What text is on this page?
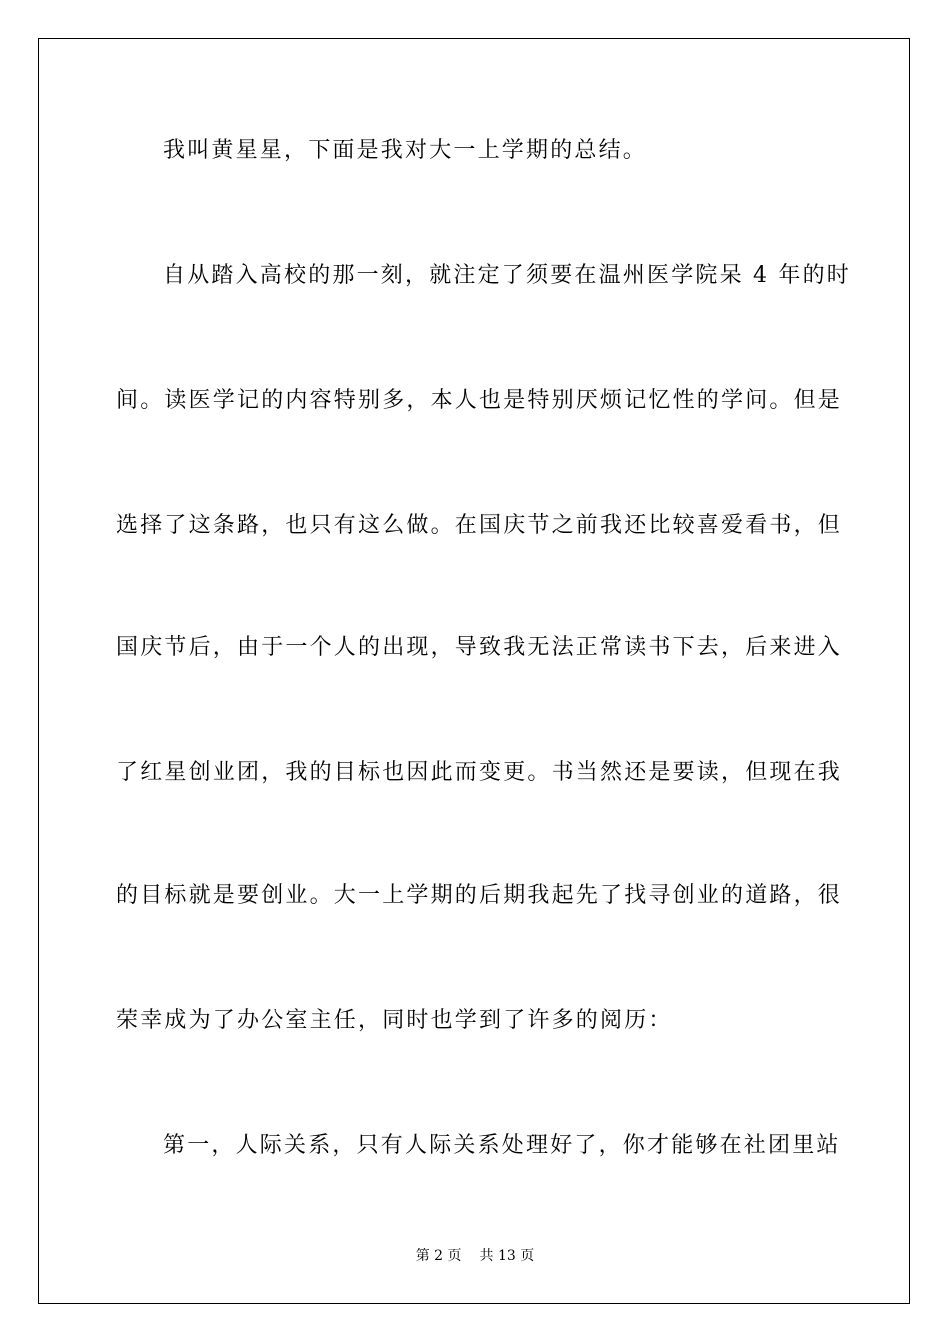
我叫黄星星，下面是我对大一上学期的总结。
自从踏入高校的那一刻，就注定了须要在温州医学院呆 4 年的时
间。读医学记的内容特别多，本人也是特别厌烦记忆性的学问。但是
选择了这条路，也只有这么做。在国庆节之前我还比较喜爱看书，但
国庆节后，由于一个人的出现，导致我无法正常读书下去，后来进入
了红星创业团，我的目标也因此而变更。书当然还是要读，但现在我
的目标就是要创业。大一上学期的后期我起先了找寻创业的道路，很
荣幸成为了办公室主任，同时也学到了许多的阅历：
第一，人际关系，只有人际关系处理好了，你才能够在社团里站
第 2 页 共 13 页
